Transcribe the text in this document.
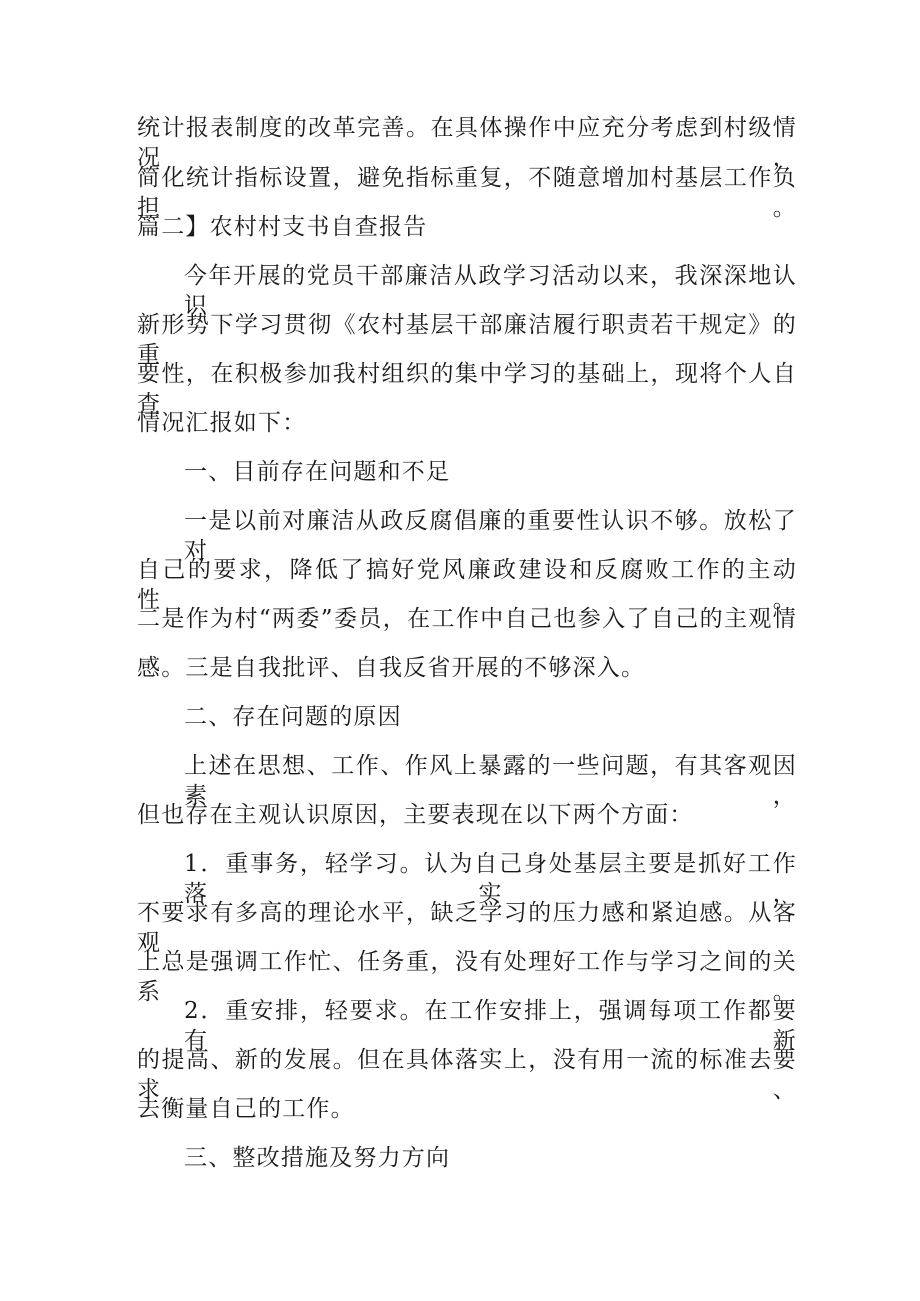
统计报表制度的改革完善。在具体操作中应充分考虑到村级情况，

简化统计指标设置，避免指标重复，不随意增加村基层工作负担。

篇二】农村村支书自查报告

今年开展的党员干部廉洁从政学习活动以来，我深深地认识

新形势下学习贯彻《农村基层干部廉洁履行职责若干规定》的重

要性，在积极参加我村组织的集中学习的基础上，现将个人自查

情况汇报如下：

一、目前存在问题和不足

一是以前对廉洁从政反腐倡廉的重要性认识不够。放松了对

自己的要求，降低了搞好党风廉政建设和反腐败工作的主动性。

二是作为村“两委”委员，在工作中自己也参入了自己的主观情

感。三是自我批评、自我反省开展的不够深入。

二、存在问题的原因

上述在思想、工作、作风上暴露的一些问题，有其客观因素，

但也存在主观认识原因，主要表现在以下两个方面：

1．重事务，轻学习。认为自己身处基层主要是抓好工作落实，

不要求有多高的理论水平，缺乏学习的压力感和紧迫感。从客观

上总是强调工作忙、任务重，没有处理好工作与学习之间的关系。

2．重安排，轻要求。在工作安排上，强调每项工作都要有新

的提高、新的发展。但在具体落实上，没有用一流的标准去要求、

去衡量自己的工作。

三、整改措施及努力方向
